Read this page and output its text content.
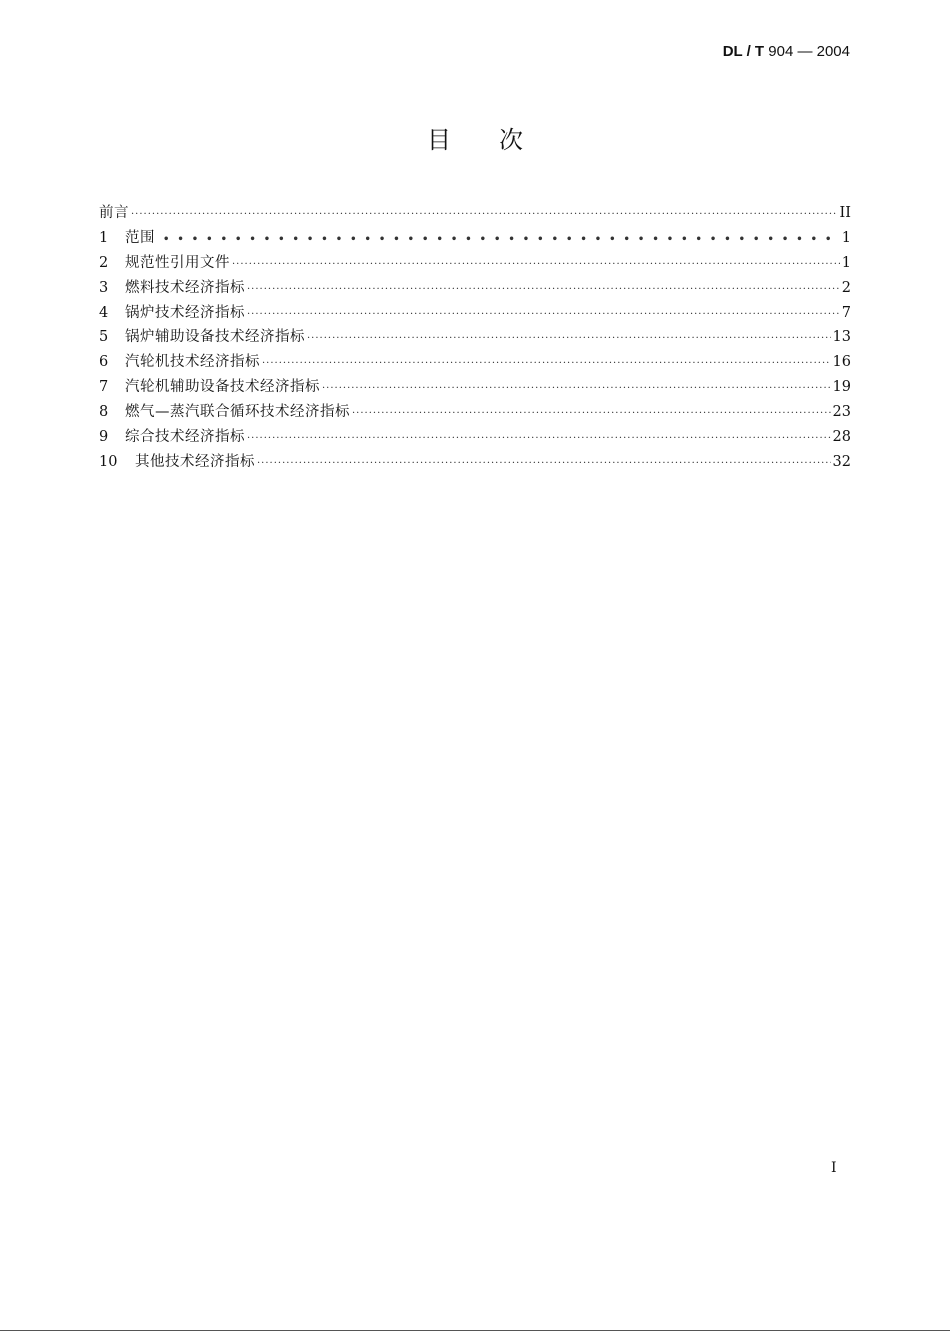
DL / T 904 — 2004
目次
前言 ·····	II
1	范围 •••••	1
2	规范性引用文件 ·····	1
3	燃料技术经济指标 ·····	2
4	锅炉技术经济指标 ·····	7
5	锅炉辅助设备技术经济指标 ·····	13
6	汽轮机技术经济指标 ·····	16
7	汽轮机辅助设备技术经济指标 ·····	19
8	燃气—蒸汽联合循环技术经济指标 ·····	23
9	综合技术经济指标 ·····	28
10	其他技术经济指标 ·····	32
I
